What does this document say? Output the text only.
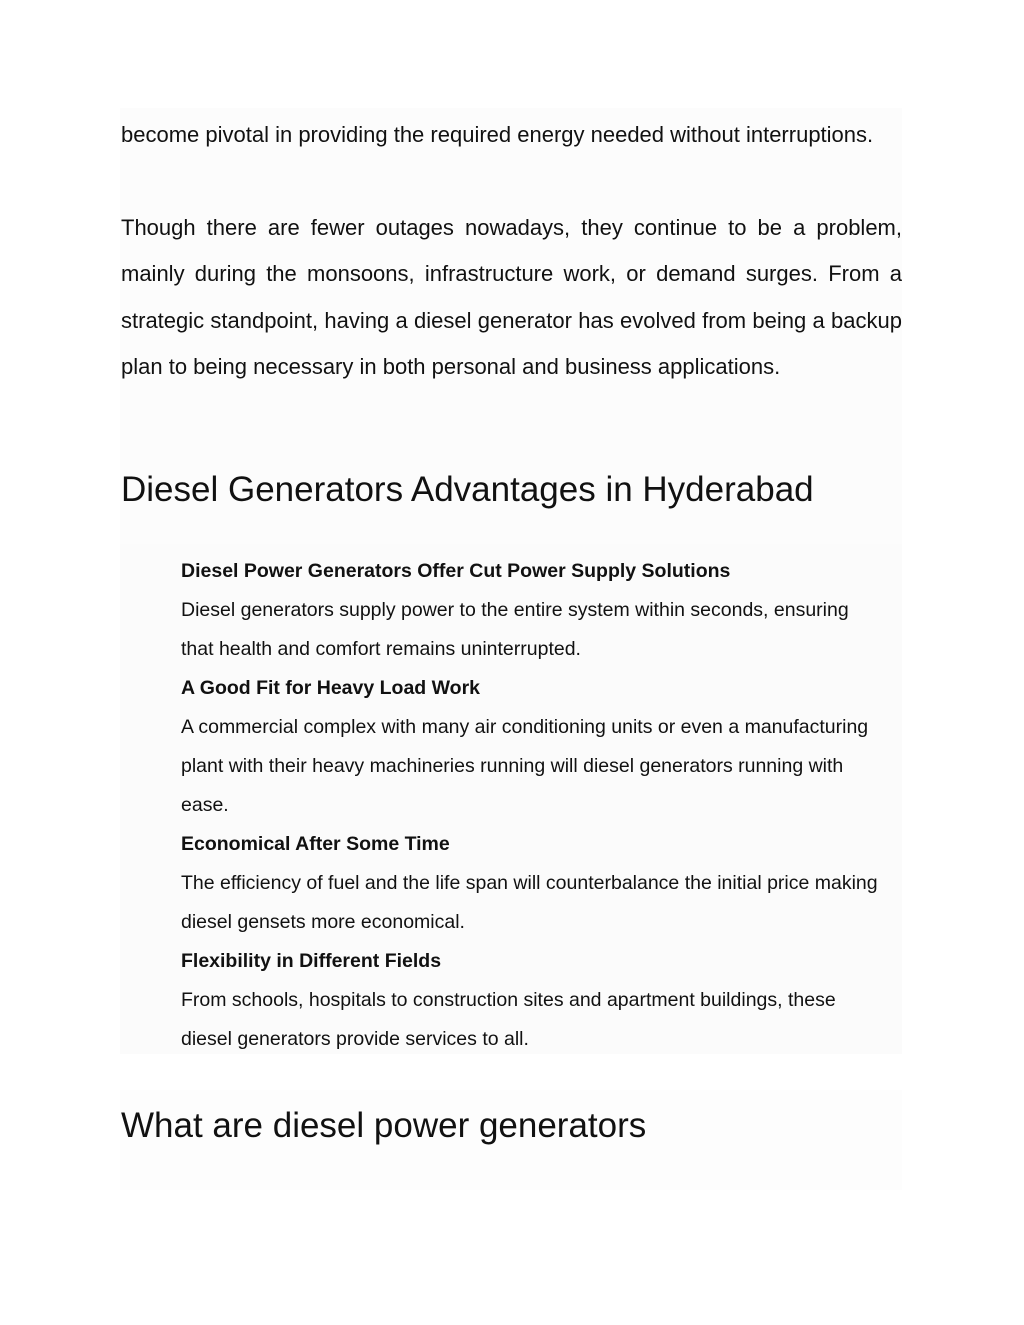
become pivotal in providing the required energy needed without interruptions.

Though there are fewer outages nowadays, they continue to be a problem, mainly during the monsoons, infrastructure work, or demand surges. From a strategic standpoint, having a diesel generator has evolved from being a backup plan to being necessary in both personal and business applications.

Diesel Generators Advantages in Hyderabad
Diesel Power Generators Offer Cut Power Supply Solutions
Diesel generators supply power to the entire system within seconds, ensuring that health and comfort remains uninterrupted.
A Good Fit for Heavy Load Work
A commercial complex with many air conditioning units or even a manufacturing plant with their heavy machineries running will diesel generators running with ease.
Economical After Some Time
The efficiency of fuel and the life span will counterbalance the initial price making diesel gensets more economical.
Flexibility in Different Fields
From schools, hospitals to construction sites and apartment buildings, these diesel generators provide services to all.
What are diesel power generators
